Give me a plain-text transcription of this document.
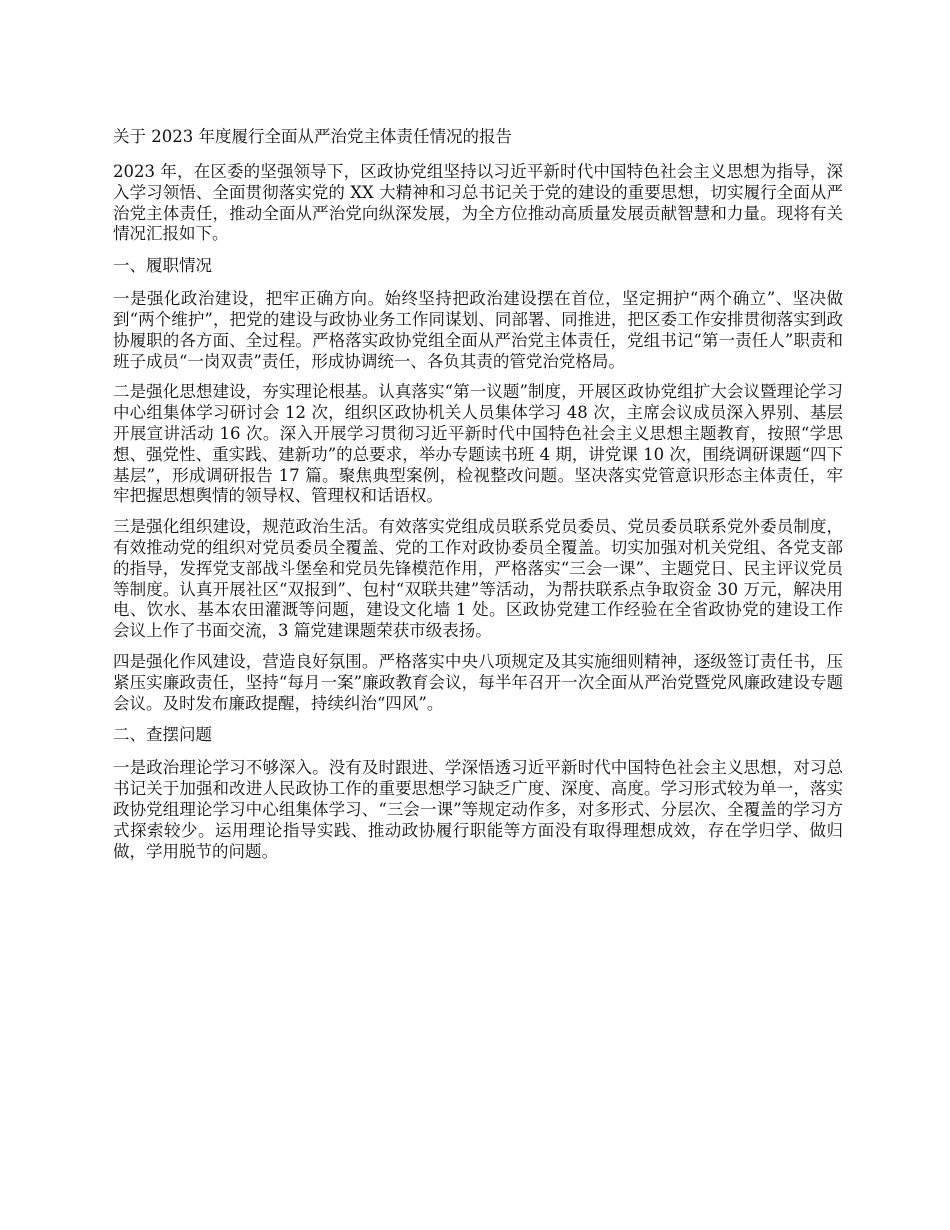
关于 2023 年度履行全面从严治党主体责任情况的报告

2023 年，在区委的坚强领导下，区政协党组坚持以习近平新时代中国特色社会主义思想为指导，深入学习领悟、全面贯彻落实党的 XX 大精神和习总书记关于党的建设的重要思想，切实履行全面从严治党主体责任，推动全面从严治党向纵深发展，为全方位推动高质量发展贡献智慧和力量。现将有关情况汇报如下。

一、履职情况

一是强化政治建设，把牢正确方向。始终坚持把政治建设摆在首位，坚定拥护“两个确立”、坚决做到“两个维护”，把党的建设与政协业务工作同谋划、同部署、同推进，把区委工作安排贯彻落实到政协履职的各方面、全过程。严格落实政协党组全面从严治党主体责任，党组书记“第一责任人”职责和班子成员“一岗双责”责任，形成协调统一、各负其责的管党治党格局。

二是强化思想建设，夯实理论根基。认真落实“第一议题”制度，开展区政协党组扩大会议暨理论学习中心组集体学习研讨会 12 次，组织区政协机关人员集体学习 48 次，主席会议成员深入界别、基层开展宣讲活动 16 次。深入开展学习贯彻习近平新时代中国特色社会主义思想主题教育，按照“学思想、强党性、重实践、建新功”的总要求，举办专题读书班 4 期，讲党课 10 次，围绕调研课题“四下基层”，形成调研报告 17 篇。聚焦典型案例，检视整改问题。坚决落实党管意识形态主体责任，牢牢把握思想舆情的领导权、管理权和话语权。

三是强化组织建设，规范政治生活。有效落实党组成员联系党员委员、党员委员联系党外委员制度，有效推动党的组织对党员委员全覆盖、党的工作对政协委员全覆盖。切实加强对机关党组、各党支部的指导，发挥党支部战斗堡垒和党员先锋模范作用，严格落实“三会一课”、主题党日、民主评议党员等制度。认真开展社区“双报到”、包村“双联共建”等活动，为帮扶联系点争取资金 30 万元，解决用电、饮水、基本农田灌溉等问题，建设文化墙 1 处。区政协党建工作经验在全省政协党的建设工作会议上作了书面交流，3 篇党建课题荣获市级表扬。

四是强化作风建设，营造良好氛围。严格落实中央八项规定及其实施细则精神，逐级签订责任书，压紧压实廉政责任，坚持“每月一案”廉政教育会议，每半年召开一次全面从严治党暨党风廉政建设专题会议。及时发布廉政提醒，持续纠治“四风”。

二、查摆问题

一是政治理论学习不够深入。没有及时跟进、学深悟透习近平新时代中国特色社会主义思想，对习总书记关于加强和改进人民政协工作的重要思想学习缺乏广度、深度、高度。学习形式较为单一，落实政协党组理论学习中心组集体学习、“三会一课”等规定动作多，对多形式、分层次、全覆盖的学习方式探索较少。运用理论指导实践、推动政协履行职能等方面没有取得理想成效，存在学归学、做归做，学用脱节的问题。
